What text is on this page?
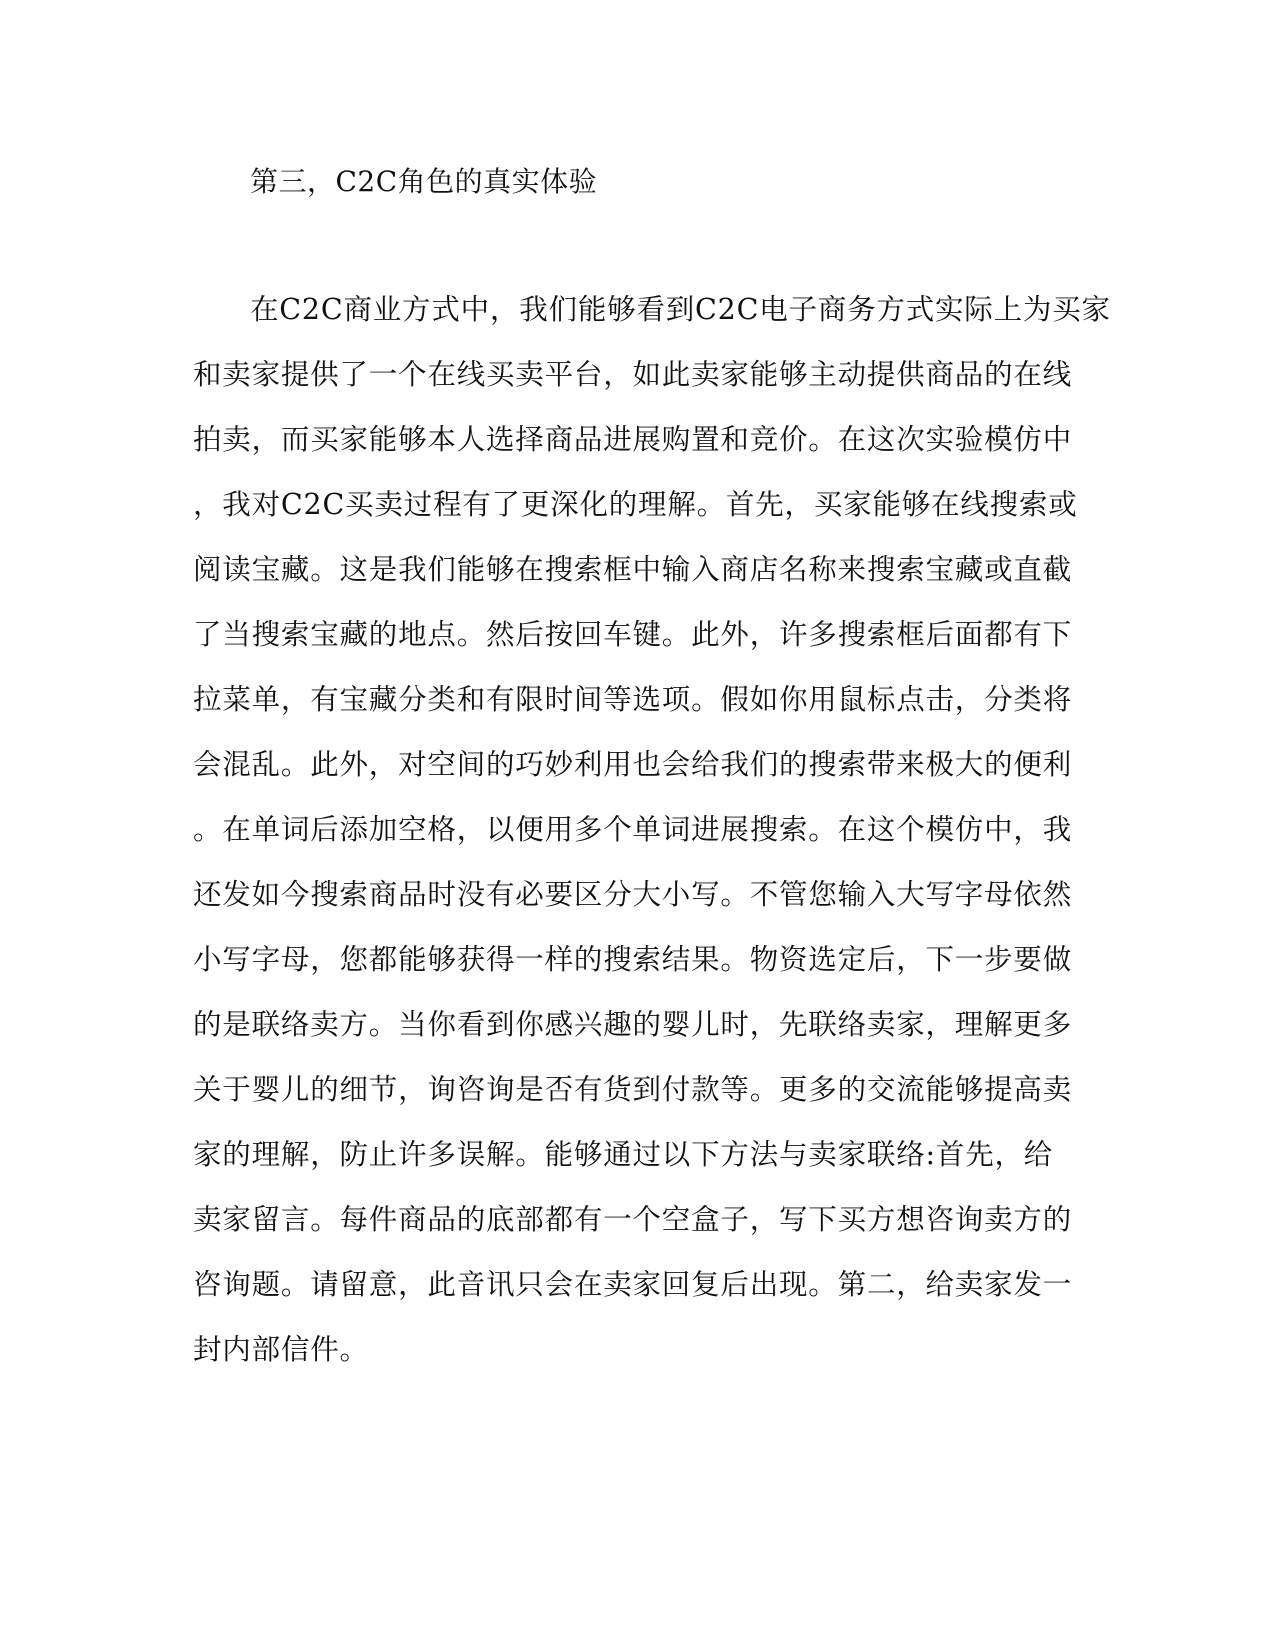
第三，C2C角色的真实体验
在C2C商业方式中，我们能够看到C2C电子商务方式实际上为买家
和卖家提供了一个在线买卖平台，如此卖家能够主动提供商品的在线
拍卖，而买家能够本人选择商品进展购置和竞价。在这次实验模仿中
，我对C2C买卖过程有了更深化的理解。首先，买家能够在线搜索或
阅读宝藏。这是我们能够在搜索框中输入商店名称来搜索宝藏或直截
了当搜索宝藏的地点。然后按回车键。此外，许多搜索框后面都有下
拉菜单，有宝藏分类和有限时间等选项。假如你用鼠标点击，分类将
会混乱。此外，对空间的巧妙利用也会给我们的搜索带来极大的便利
。在单词后添加空格，以便用多个单词进展搜索。在这个模仿中，我
还发如今搜索商品时没有必要区分大小写。不管您输入大写字母依然
小写字母，您都能够获得一样的搜索结果。物资选定后，下一步要做
的是联络卖方。当你看到你感兴趣的婴儿时，先联络卖家，理解更多
关于婴儿的细节，询咨询是否有货到付款等。更多的交流能够提高卖
家的理解，防止许多误解。能够通过以下方法与卖家联络:首先，给
卖家留言。每件商品的底部都有一个空盒子，写下买方想咨询卖方的
咨询题。请留意，此音讯只会在卖家回复后出现。第二，给卖家发一
封内部信件。
